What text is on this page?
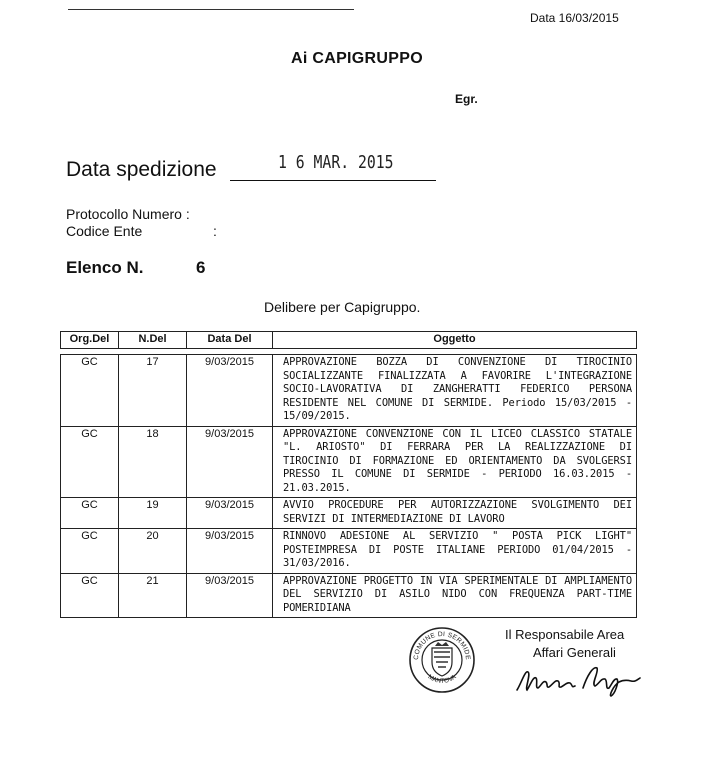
Data 16/03/2015
Ai CAPIGRUPPO
Egr.
Data spedizione	1 6 MAR. 2015
Protocollo Numero :
Codice Ente	:
Elenco N.	6
Delibere per Capigruppo.
Org.Del	N.Del	Data Del	Oggetto

GC	17	9/03/2015	APPROVAZIONE BOZZA DI CONVENZIONE DI TIROCINIO SOCIALIZZANTE FINALIZZATA A FAVORIRE L'INTEGRAZIONE SOCIO-LAVORATIVA DI ZANGHERATTI FEDERICO PERSONA RESIDENTE NEL COMUNE DI SERMIDE. Periodo 15/03/2015 - 15/09/2015.
GC	18	9/03/2015	APPROVAZIONE CONVENZIONE CON IL LICEO CLASSICO STATALE "L. ARIOSTO" DI FERRARA PER LA REALIZZAZIONE DI TIROCINIO DI FORMAZIONE ED ORIENTAMENTO DA SVOLGERSI PRESSO IL COMUNE DI SERMIDE - PERIODO 16.03.2015 - 21.03.2015.
GC	19	9/03/2015	AVVIO PROCEDURE PER AUTORIZZAZIONE SVOLGIMENTO DEI SERVIZI DI INTERMEDIAZIONE DI LAVORO
GC	20	9/03/2015	RINNOVO ADESIONE AL SERVIZIO " POSTA PICK LIGHT" POSTEIMPRESA DI POSTE ITALIANE PERIODO 01/04/2015 - 31/03/2016.
GC	21	9/03/2015	APPROVAZIONE PROGETTO IN VIA SPERIMENTALE DI AMPLIAMENTO DEL SERVIZIO DI ASILO NIDO CON FREQUENZA PART-TIME POMERIDIANA
COMUNE DI SERMIDE
MANTOVA
Il Responsabile Area
Affari Generali
